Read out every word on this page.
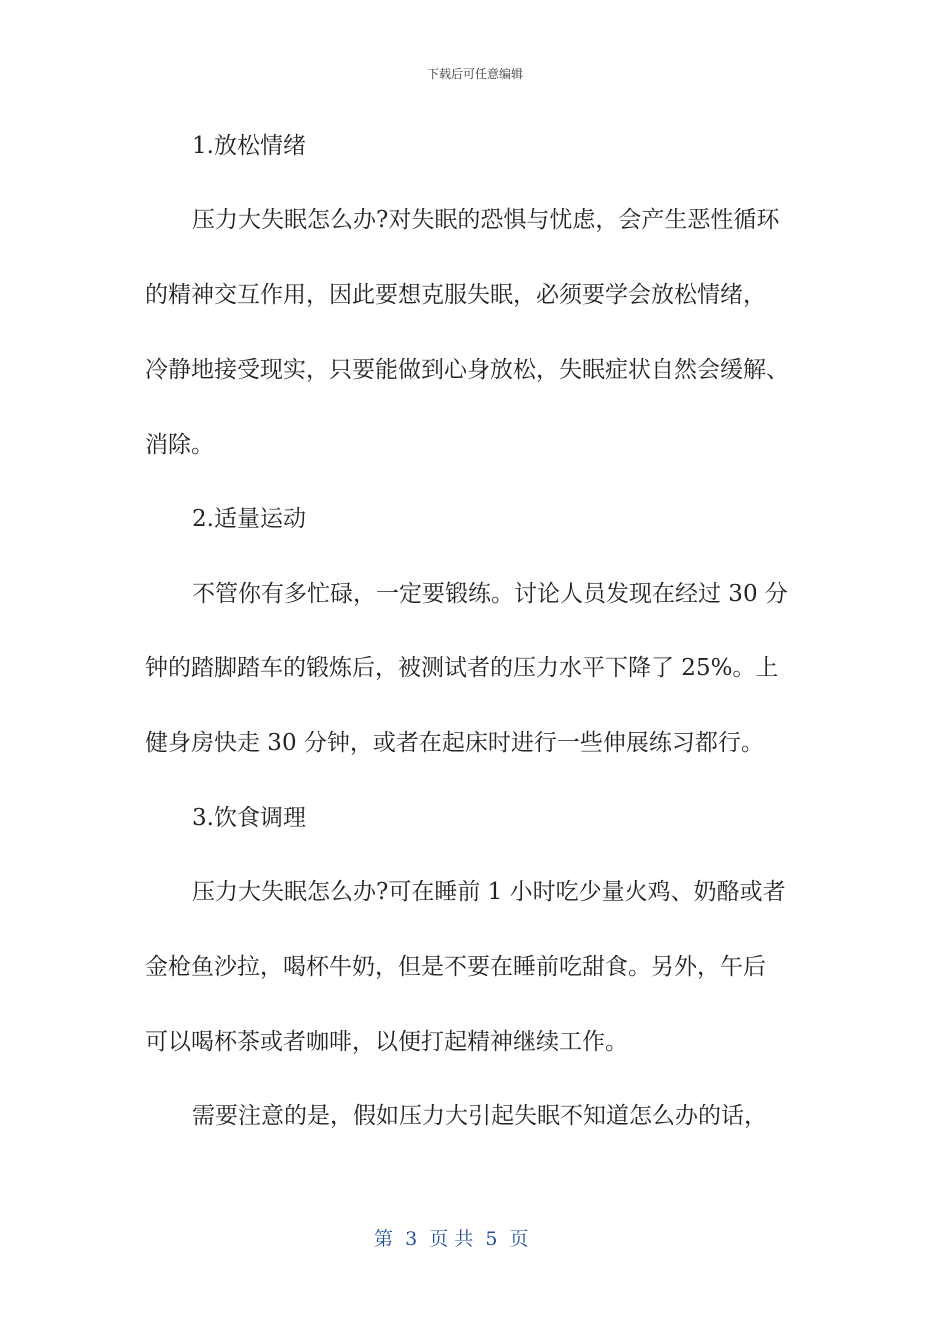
下载后可任意编辑
1.放松情绪
压力大失眠怎么办?对失眠的恐惧与忧虑，会产生恶性循环
的精神交互作用，因此要想克服失眠，必须要学会放松情绪，
冷静地接受现实，只要能做到心身放松，失眠症状自然会缓解、
消除。
2.适量运动
不管你有多忙碌，一定要锻练。讨论人员发现在经过 30 分
钟的踏脚踏车的锻炼后，被测试者的压力水平下降了 25%。上
健身房快走 30 分钟，或者在起床时进行一些伸展练习都行。
3.饮食调理
压力大失眠怎么办?可在睡前 1 小时吃少量火鸡、奶酪或者
金枪鱼沙拉，喝杯牛奶，但是不要在睡前吃甜食。另外，午后
可以喝杯茶或者咖啡，以便打起精神继续工作。
需要注意的是，假如压力大引起失眠不知道怎么办的话，
第  3  页 共  5  页
